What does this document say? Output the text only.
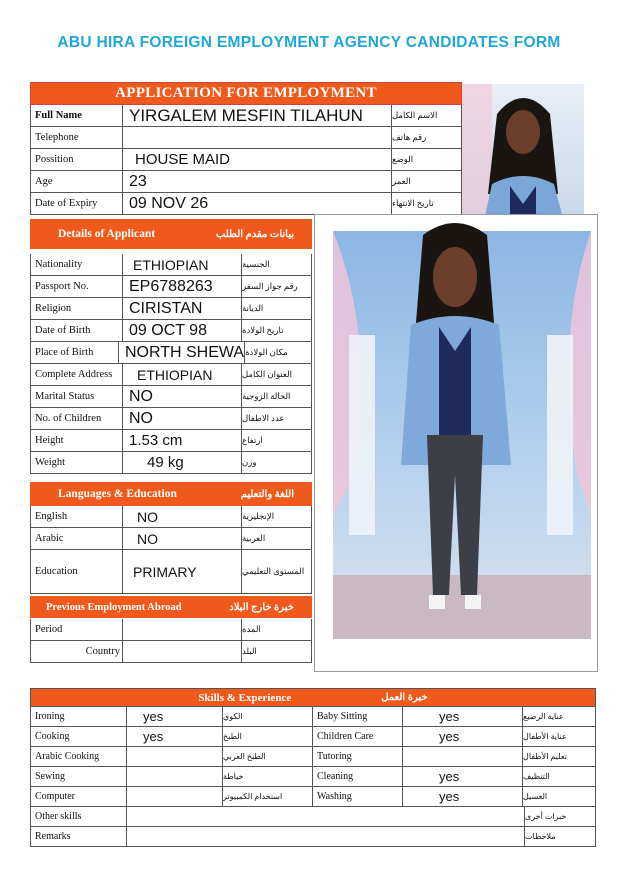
ABU HIRA FOREIGN EMPLOYMENT AGENCY CANDIDATES FORM
APPLICATION FOR EMPLOYMENT
Full Name	YIRGALEM MESFIN TILAHUN	الاسم الكامل
Telephone	رقم هاتف
Possition	HOUSE MAID	الوضع
Age	23	العمر
Date of Expiry	09 NOV 26	تاريخ الانتهاء
Details of Applicant	بيانات مقدم الطلب
Nationality	ETHIOPIAN	الجنسية
Passport No.	EP6788263	رقم جواز السفر
Religion	CIRISTAN	الديانة
Date of Birth	09 OCT 98	تاريخ الولادة
Place of Birth	NORTH SHEWA مكان الولادة
Complete Address	ETHIOPIAN	العنوان الكامل
Marital Status	NO	الحالة الزوجية
No. of Children	NO	عدد الاطفال
Height	1.53 cm	ارتفاع
Weight	49 kg	وزن
Languages & Education	اللغة والتعليم
English	NO	الإنجليزية
Arabic	NO	العربية
Education	PRIMARY	المستوى التعليمي
Previous Employment Abroad	خبرة خارج البلاد
Period	المدة
Country	البلد
Skills & Experience	خبرة العمل
Ironing	yes	الكوي	Baby Sitting	yes	عناية الرضيع
Cooking	yes	الطبخ	Children Care	yes	عناية الأطفال
Arabic Cooking	الطبخ العربي	Tutoring	تعليم الأطفال
Sewing	خياطة	Cleaning	yes	التنظيف
Computer	استخدام الكمبيوتر	Washing	yes	الغسيل
Other skills	خبرات أخرى
Remarks	ملاحظات
